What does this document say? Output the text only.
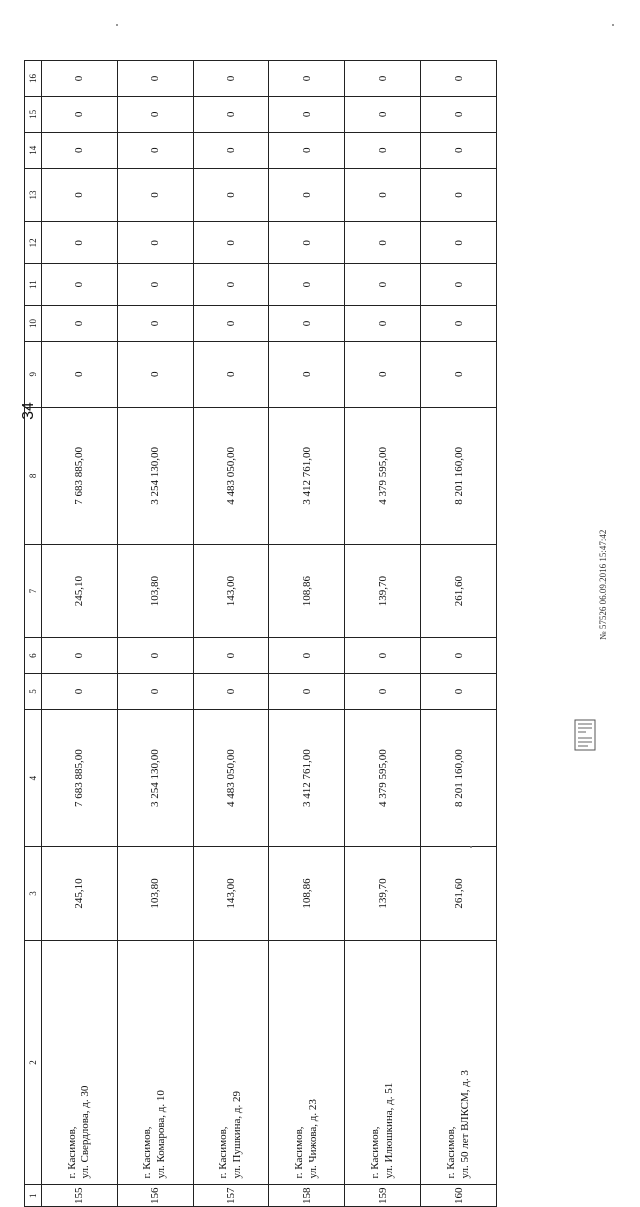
34
1	2	3	4	5	6	7	8	9	10	11	12	13	14	15	16
155	г. Касимов, ул. Свердлова, д. 30	245,10	7 683 885,00	0	0	245,10	7 683 885,00	0	0	0	0	0	0	0	0
156	г. Касимов, ул. Комарова, д. 10	103,80	3 254 130,00	0	0	103,80	3 254 130,00	0	0	0	0	0	0	0	0
157	г. Касимов, ул. Пушкина, д. 29	143,00	4 483 050,00	0	0	143,00	4 483 050,00	0	0	0	0	0	0	0	0
158	г. Касимов, ул. Чижова, д. 23	108,86	3 412 761,00	0	0	108,86	3 412 761,00	0	0	0	0	0	0	0	0
159	г. Касимов, ул. Илюшкина, д. 51	139,70	4 379 595,00	0	0	139,70	4 379 595,00	0	0	0	0	0	0	0	0
160	г. Касимов, ул. 50 лет ВЛКСМ, д. 3	261,60	8 201 160,00	0	0	261,60	8 201 160,00	0	0	0	0	0	0	0	0
№ 57526 06.09.2016 15:47:42
